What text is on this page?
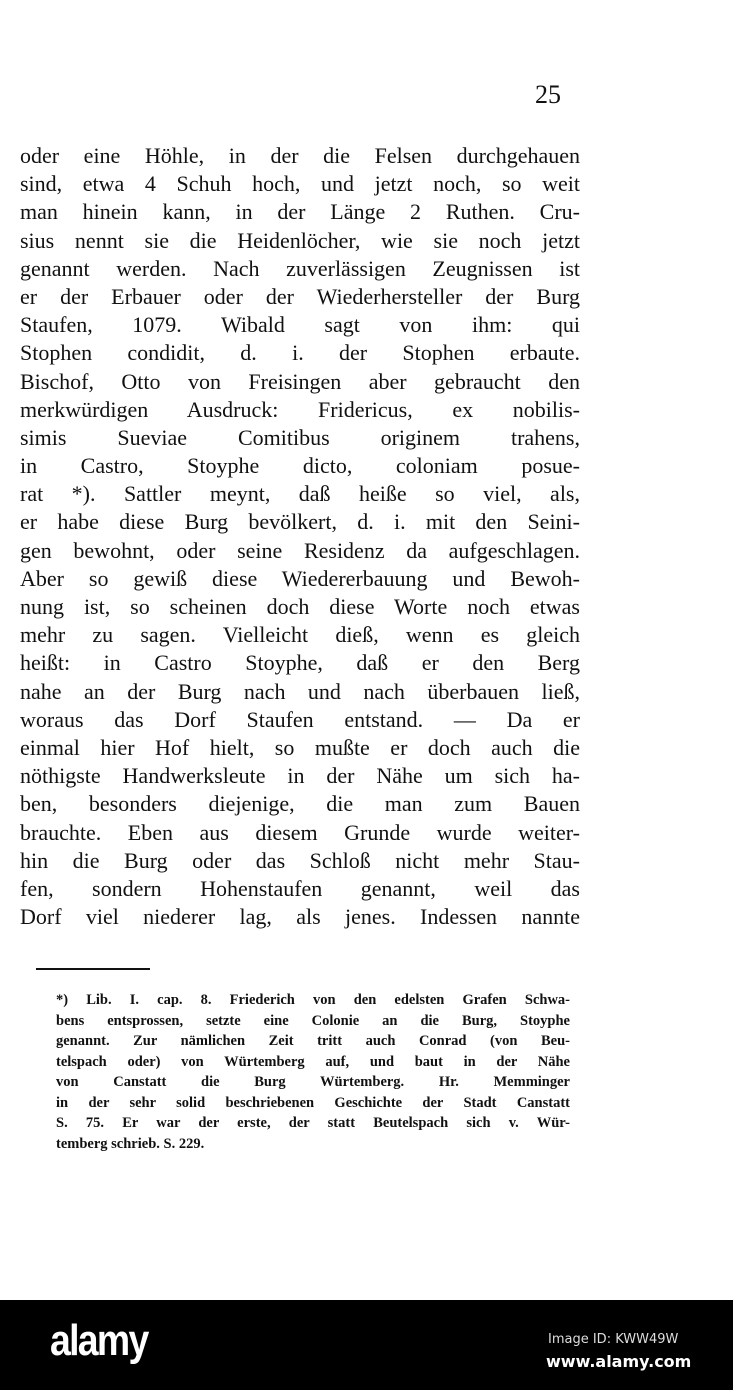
25
oder eine Höhle, in der die Felsen durchgehauen
sind, etwa 4 Schuh hoch, und jetzt noch, so weit
man hinein kann, in der Länge 2 Ruthen. Cru-
sius nennt sie die Heidenlöcher, wie sie noch jetzt
genannt werden. Nach zuverlässigen Zeugnissen ist
er der Erbauer oder der Wiederhersteller der Burg
Staufen, 1079. Wibald sagt von ihm: qui
Stophen condidit, d. i. der Stophen erbaute.
Bischof, Otto von Freisingen aber gebraucht den
merkwürdigen Ausdruck: Fridericus, ex nobilis-
simis Sueviae Comitibus originem trahens,
in Castro, Stoyphe dicto, coloniam posue-
rat *). Sattler meynt, daß heiße so viel, als,
er habe diese Burg bevölkert, d. i. mit den Seini-
gen bewohnt, oder seine Residenz da aufgeschlagen.
Aber so gewiß diese Wiedererbauung und Bewoh-
nung ist, so scheinen doch diese Worte noch etwas
mehr zu sagen. Vielleicht dieß, wenn es gleich
heißt: in Castro Stoyphe, daß er den Berg
nahe an der Burg nach und nach überbauen ließ,
woraus das Dorf Staufen entstand. — Da er
einmal hier Hof hielt, so mußte er doch auch die
nöthigste Handwerksleute in der Nähe um sich ha-
ben, besonders diejenige, die man zum Bauen
brauchte. Eben aus diesem Grunde wurde weiter-
hin die Burg oder das Schloß nicht mehr Stau-
fen, sondern Hohenstaufen genannt, weil das
Dorf viel niederer lag, als jenes. Indessen nannte
*) Lib. I. cap. 8. Friederich von den edelsten Grafen Schwa-
bens entsprossen, setzte eine Colonie an die Burg, Stoyphe
genannt. Zur nämlichen Zeit tritt auch Conrad (von Beu-
telspach oder) von Würtemberg auf, und baut in der Nähe
von Canstatt die Burg Würtemberg. Hr. Memminger
in der sehr solid beschriebenen Geschichte der Stadt Canstatt
S. 75. Er war der erste, der statt Beutelspach sich v. Wür-
temberg schrieb. S. 229.
alamy	Image ID: KWW49W
www.alamy.com
